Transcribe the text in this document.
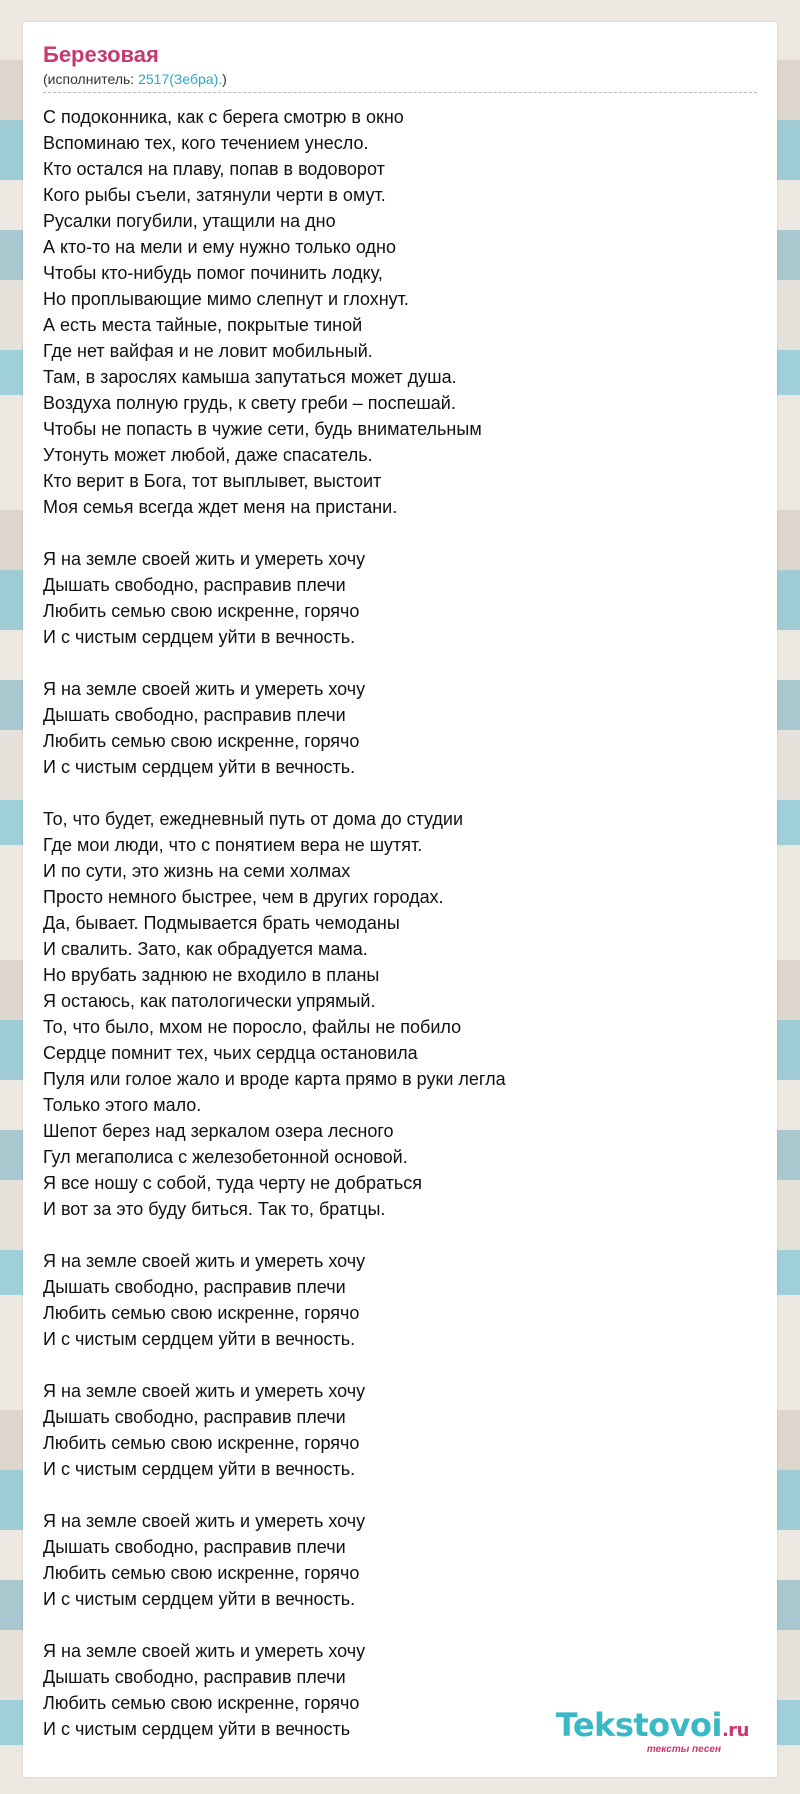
Березовая
(исполнитель: 2517(Зебра).)
С подоконника, как с берега смотрю в окно
Вспоминаю тех, кого течением унесло.
Кто остался на плаву, попав в водоворот
Кого рыбы съели, затянули черти в омут.
Русалки погубили, утащили на дно
А кто-то на мели и ему нужно только одно
Чтобы кто-нибудь помог починить лодку,
Но проплывающие мимо слепнут и глохнут.
А есть места тайные, покрытые тиной
Где нет вайфая и не ловит мобильный.
Там, в зарослях камыша запутаться может душа.
Воздуха полную грудь, к свету греби – поспешай.
Чтобы не попасть в чужие сети, будь внимательным
Утонуть может любой, даже спасатель.
Кто верит в Бога, тот выплывет, выстоит
Моя семья всегда ждет меня на пристани.
Я на земле своей жить и умереть хочу
Дышать свободно, расправив плечи
Любить семью свою искренне, горячо
И с чистым сердцем уйти в вечность.
Я на земле своей жить и умереть хочу
Дышать свободно, расправив плечи
Любить семью свою искренне, горячо
И с чистым сердцем уйти в вечность.
То, что будет, ежедневный путь от дома до студии
Где мои люди, что с понятием вера не шутят.
И по сути, это жизнь на семи холмах
Просто немного быстрее, чем в других городах.
Да, бывает. Подмывается брать чемоданы
И свалить. Зато, как обрадуется мама.
Но врубать заднюю не входило в планы
Я остаюсь, как патологически упрямый.
То, что было, мхом не поросло, файлы не побило
Сердце помнит тех, чьих сердца остановила
Пуля или голое жало и вроде карта прямо в руки легла
Только этого мало.
Шепот берез над зеркалом озера лесного
Гул мегаполиса с железобетонной основой.
Я все ношу с собой, туда черту не добраться
И вот за это буду биться. Так то, братцы.
Я на земле своей жить и умереть хочу
Дышать свободно, расправив плечи
Любить семью свою искренне, горячо
И с чистым сердцем уйти в вечность.
Я на земле своей жить и умереть хочу
Дышать свободно, расправив плечи
Любить семью свою искренне, горячо
И с чистым сердцем уйти в вечность.
Я на земле своей жить и умереть хочу
Дышать свободно, расправив плечи
Любить семью свою искренне, горячо
И с чистым сердцем уйти в вечность.
Я на земле своей жить и умереть хочу
Дышать свободно, расправив плечи
Любить семью свою искренне, горячо
И с чистым сердцем уйти в вечность	Tekstovoi.ru
тексты песен
